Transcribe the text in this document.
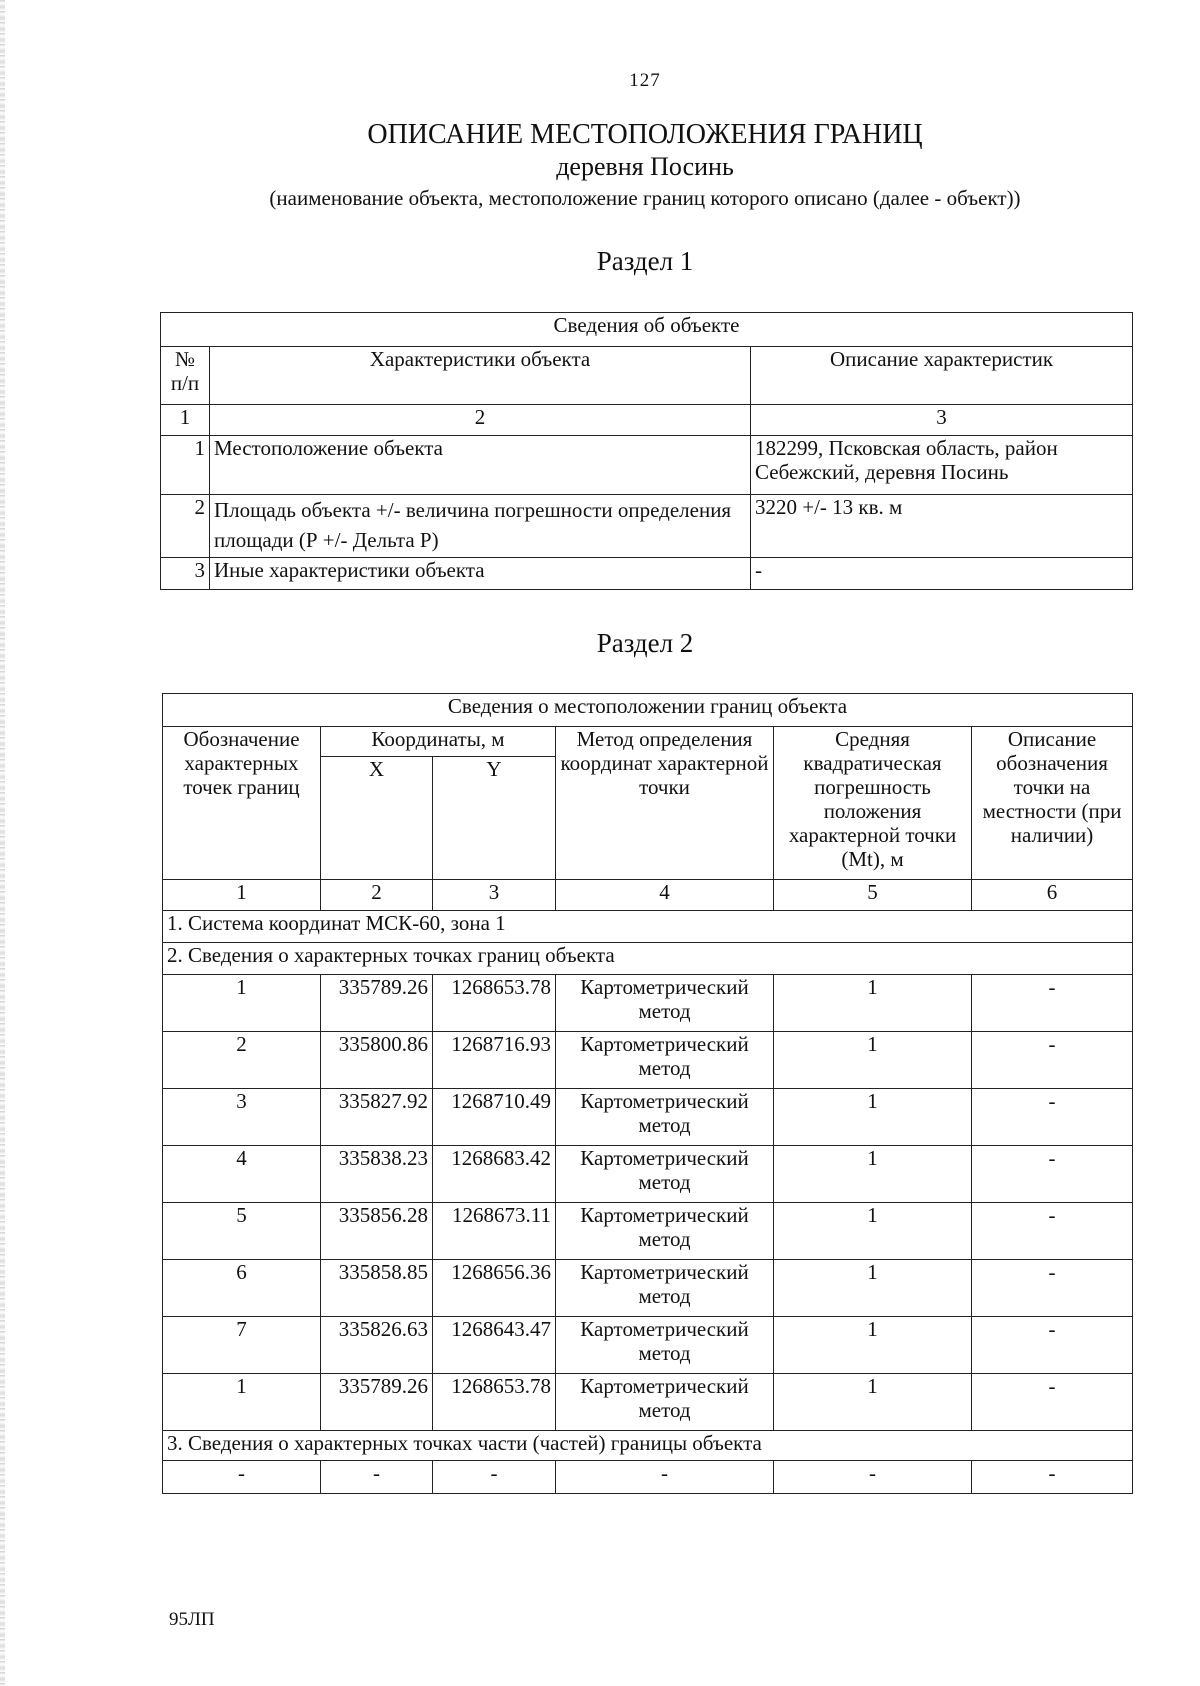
127
ОПИСАНИЕ МЕСТОПОЛОЖЕНИЯ ГРАНИЦ
деревня Посинь
(наименование объекта, местоположение границ которого описано (далее - объект))
Раздел 1
Сведения об объекте		
№ п/п	Характеристики объекта	Описание характеристик
1	2	3
1	Местоположение объекта	182299, Псковская область, район Себежский, деревня Посинь
2	Площадь объекта +/- величина погрешности определения площади (Р +/- Дельта Р)	3220 +/- 13 кв. м
3	Иные характеристики объекта	-
Раздел 2
Сведения о местоположении границ объекта					
Обозначение характерных точек границ	Координаты, м		Метод определения координат характерной точки	Средняя квадратическая погрешность положения характерной точки (Mt), м	Описание обозначения точки на местности (при наличии)
	X	Y			
1	2	3	4	5	6
1. Система координат МСК-60, зона 1					
2. Сведения о характерных точках границ объекта					
1	335789.26	1268653.78	Картометрический метод	1	-
2	335800.86	1268716.93	Картометрический метод	1	-
3	335827.92	1268710.49	Картометрический метод	1	-
4	335838.23	1268683.42	Картометрический метод	1	-
5	335856.28	1268673.11	Картометрический метод	1	-
6	335858.85	1268656.36	Картометрический метод	1	-
7	335826.63	1268643.47	Картометрический метод	1	-
1	335789.26	1268653.78	Картометрический метод	1	-
3. Сведения о характерных точках части (частей) границы объекта					
-	-	-	-	-	-
95ЛП
